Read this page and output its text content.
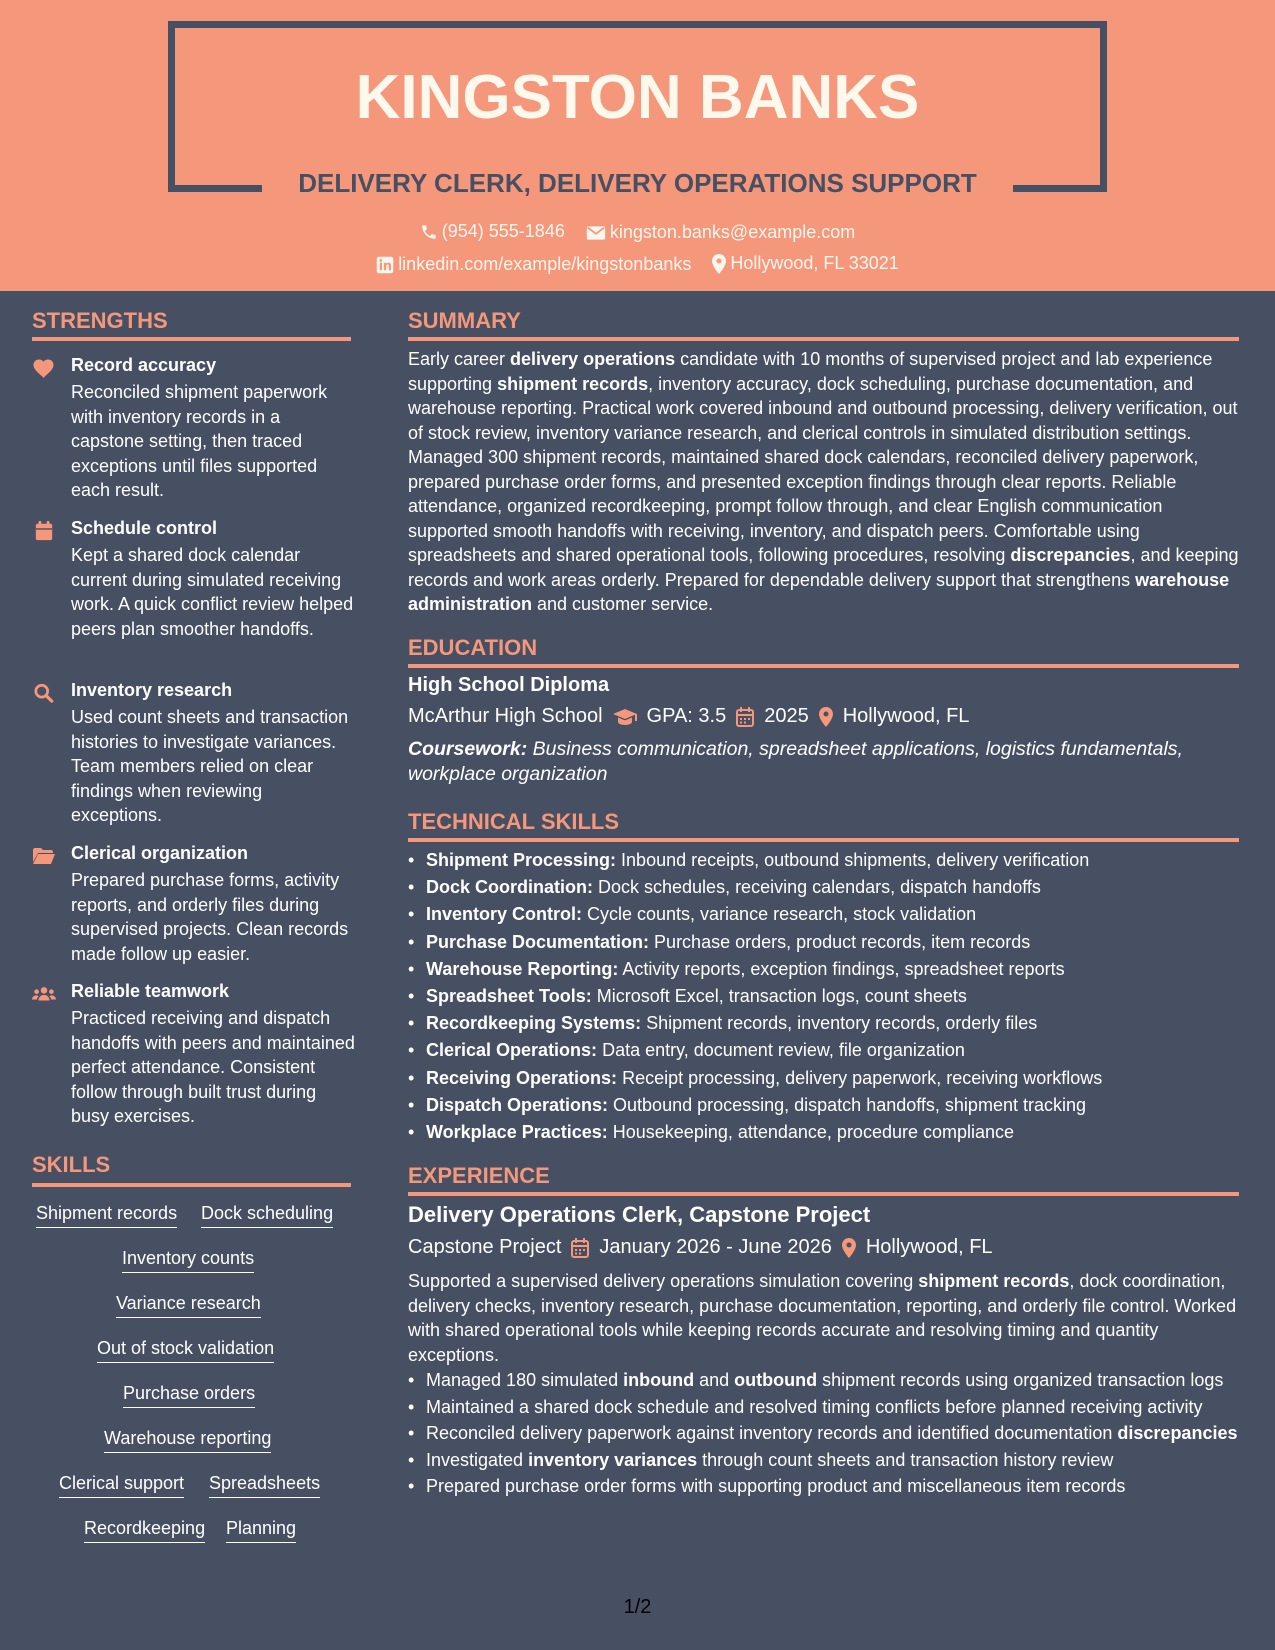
KINGSTON BANKS
DELIVERY CLERK, DELIVERY OPERATIONS SUPPORT
(954) 555-1846
	kingston.banks@example.com
linkedin.com/example/kingstonbanks
Hollywood, FL 33021
STRENGTHS
Record accuracy
Reconciled shipment paperwork with inventory records in a capstone setting, then traced exceptions until files supported each result.
Schedule control
Kept a shared dock calendar current during simulated receiving work. A quick conflict review helped peers plan smoother handoffs.
Inventory research
Used count sheets and transaction histories to investigate variances. Team members relied on clear findings when reviewing exceptions.
Clerical organization
Prepared purchase forms, activity reports, and orderly files during supervised projects. Clean records made follow up easier.
Reliable teamwork
Practiced receiving and dispatch handoffs with peers and maintained perfect attendance. Consistent follow through built trust during busy exercises.
SKILLS
Shipment records Dock scheduling
Inventory counts
Variance research
Out of stock validation
Purchase orders
Warehouse reporting
Clerical support Spreadsheets
Recordkeeping Planning
SUMMARY
Early career delivery operations candidate with 10 months of supervised project and lab experience supporting shipment records, inventory accuracy, dock scheduling, purchase documentation, and warehouse reporting. Practical work covered inbound and outbound processing, delivery verification, out of stock review, inventory variance research, and clerical controls in simulated distribution settings. Managed 300 shipment records, maintained shared dock calendars, reconciled delivery paperwork, prepared purchase order forms, and presented exception findings through clear reports. Reliable attendance, organized recordkeeping, prompt follow through, and clear English communication supported smooth handoffs with receiving, inventory, and dispatch peers. Comfortable using spreadsheets and shared operational tools, following procedures, resolving discrepancies, and keeping records and work areas orderly. Prepared for dependable delivery support that strengthens warehouse administration and customer service.
EDUCATION
High School Diploma
McArthur High School GPA: 3.5 2025 Hollywood, FL
Coursework: Business communication, spreadsheet applications, logistics fundamentals, workplace organization
TECHNICAL SKILLS
• Shipment Processing: Inbound receipts, outbound shipments, delivery verification
• Dock Coordination: Dock schedules, receiving calendars, dispatch handoffs
• Inventory Control: Cycle counts, variance research, stock validation
• Purchase Documentation: Purchase orders, product records, item records
• Warehouse Reporting: Activity reports, exception findings, spreadsheet reports
• Spreadsheet Tools: Microsoft Excel, transaction logs, count sheets
• Recordkeeping Systems: Shipment records, inventory records, orderly files
• Clerical Operations: Data entry, document review, file organization
• Receiving Operations: Receipt processing, delivery paperwork, receiving workflows
• Dispatch Operations: Outbound processing, dispatch handoffs, shipment tracking
• Workplace Practices: Housekeeping, attendance, procedure compliance
EXPERIENCE
Delivery Operations Clerk, Capstone Project
Capstone Project January 2026 - June 2026 Hollywood, FL
Supported a supervised delivery operations simulation covering shipment records, dock coordination, delivery checks, inventory research, purchase documentation, reporting, and orderly file control. Worked with shared operational tools while keeping records accurate and resolving timing and quantity exceptions.
• Managed 180 simulated inbound and outbound shipment records using organized transaction logs
• Maintained a shared dock schedule and resolved timing conflicts before planned receiving activity
• Reconciled delivery paperwork against inventory records and identified documentation discrepancies
• Investigated inventory variances through count sheets and transaction history review
• Prepared purchase order forms with supporting product and miscellaneous item records
1/2
